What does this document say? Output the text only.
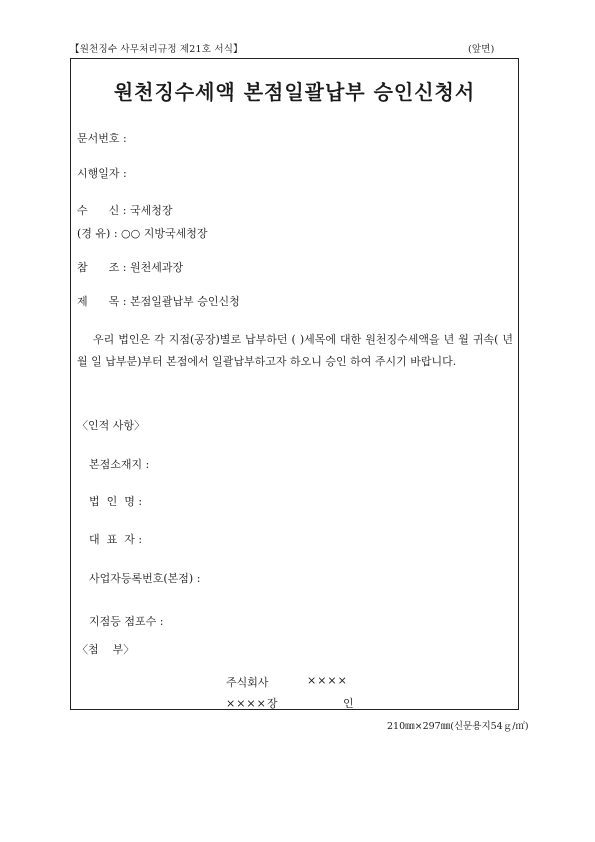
【원천징수 사무처리규정 제21호 서식】	(앞면)
원천징수세액 본점일괄납부 승인신청서
문서번호 :
시행일자 :
수      신 : 국세청장
(경 유) : ○○ 지방국세청장
참      조 : 원천세과장
제      목 : 본점일괄납부 승인신청
우리 법인은 각 지점(공장)별로 납부하던 ( )세목에 대한 원천징수세액을 년 월 귀속( 년 월 일 납부분)부터 본점에서 일괄납부하고자 하오니 승인 하여 주시기 바랍니다.
〈인적 사항〉
본점소재지 :
법  인  명 :
대  표  자 :
사업자등록번호(본점) :
지점등 점포수 :
〈첨    부〉
주식회사	××××
××××장	인
210㎜×297㎜(신문용지54ｇ/㎡)
